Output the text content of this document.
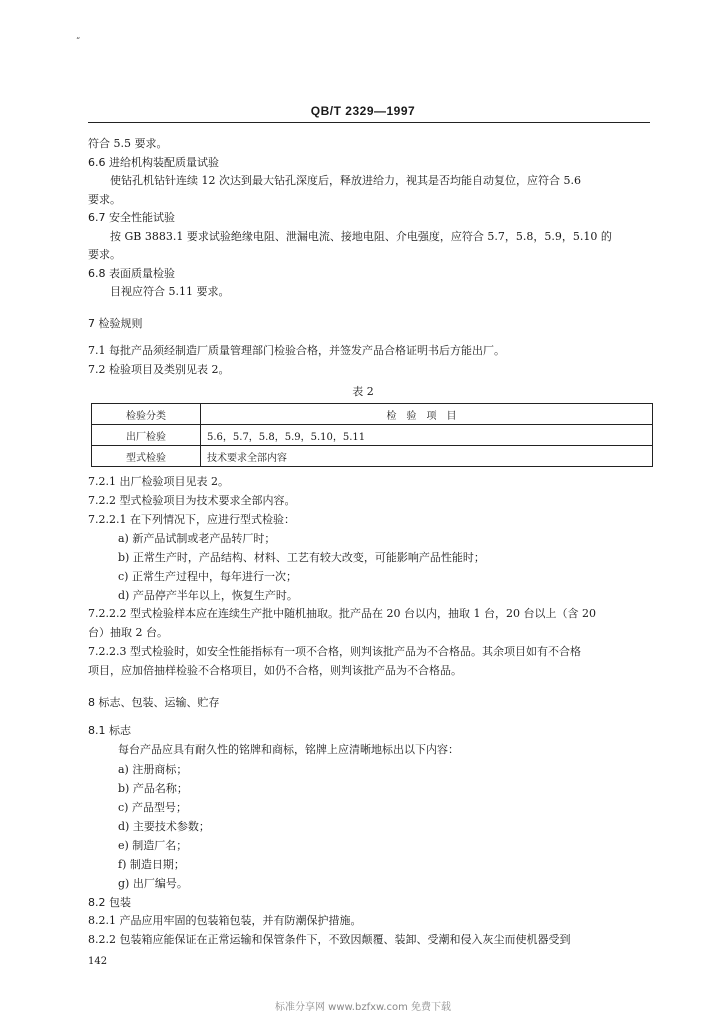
“
QB/T 2329—1997
符合 5.5 要求。
6.6 进给机构装配质量试验
使钻孔机钻针连续 12 次达到最大钻孔深度后，释放进给力，视其是否均能自动复位，应符合 5.6
要求。
6.7 安全性能试验
按 GB 3883.1 要求试验绝缘电阻、泄漏电流、接地电阻、介电强度，应符合 5.7，5.8，5.9，5.10 的
要求。
6.8 表面质量检验
目视应符合 5.11 要求。
7 检验规则
7.1 每批产品须经制造厂质量管理部门检验合格，并签发产品合格证明书后方能出厂。
7.2 检验项目及类别见表 2。
表 2
检验分类	检验项目
出厂检验	5.6，5.7，5.8，5.9，5.10，5.11
型式检验	技术要求全部内容
7.2.1 出厂检验项目见表 2。
7.2.2 型式检验项目为技术要求全部内容。
7.2.2.1 在下列情况下，应进行型式检验：
a) 新产品试制或老产品转厂时；
b) 正常生产时，产品结构、材料、工艺有较大改变，可能影响产品性能时；
c) 正常生产过程中，每年进行一次；
d) 产品停产半年以上，恢复生产时。
7.2.2.2 型式检验样本应在连续生产批中随机抽取。批产品在 20 台以内，抽取 1 台，20 台以上（含 20
台）抽取 2 台。
7.2.2.3 型式检验时，如安全性能指标有一项不合格，则判该批产品为不合格品。其余项目如有不合格
项目，应加倍抽样检验不合格项目，如仍不合格，则判该批产品为不合格品。
8 标志、包装、运输、贮存
8.1 标志
每台产品应具有耐久性的铭牌和商标，铭牌上应清晰地标出以下内容：
a) 注册商标；
b) 产品名称；
c) 产品型号；
d) 主要技术参数；
e) 制造厂名；
f) 制造日期；
g) 出厂编号。
8.2 包装
8.2.1 产品应用牢固的包装箱包装，并有防潮保护措施。
8.2.2 包装箱应能保证在正常运输和保管条件下，不致因颠覆、装卸、受潮和侵入灰尘而使机器受到
142
标准分享网 www.bzfxw.com 免费下载
